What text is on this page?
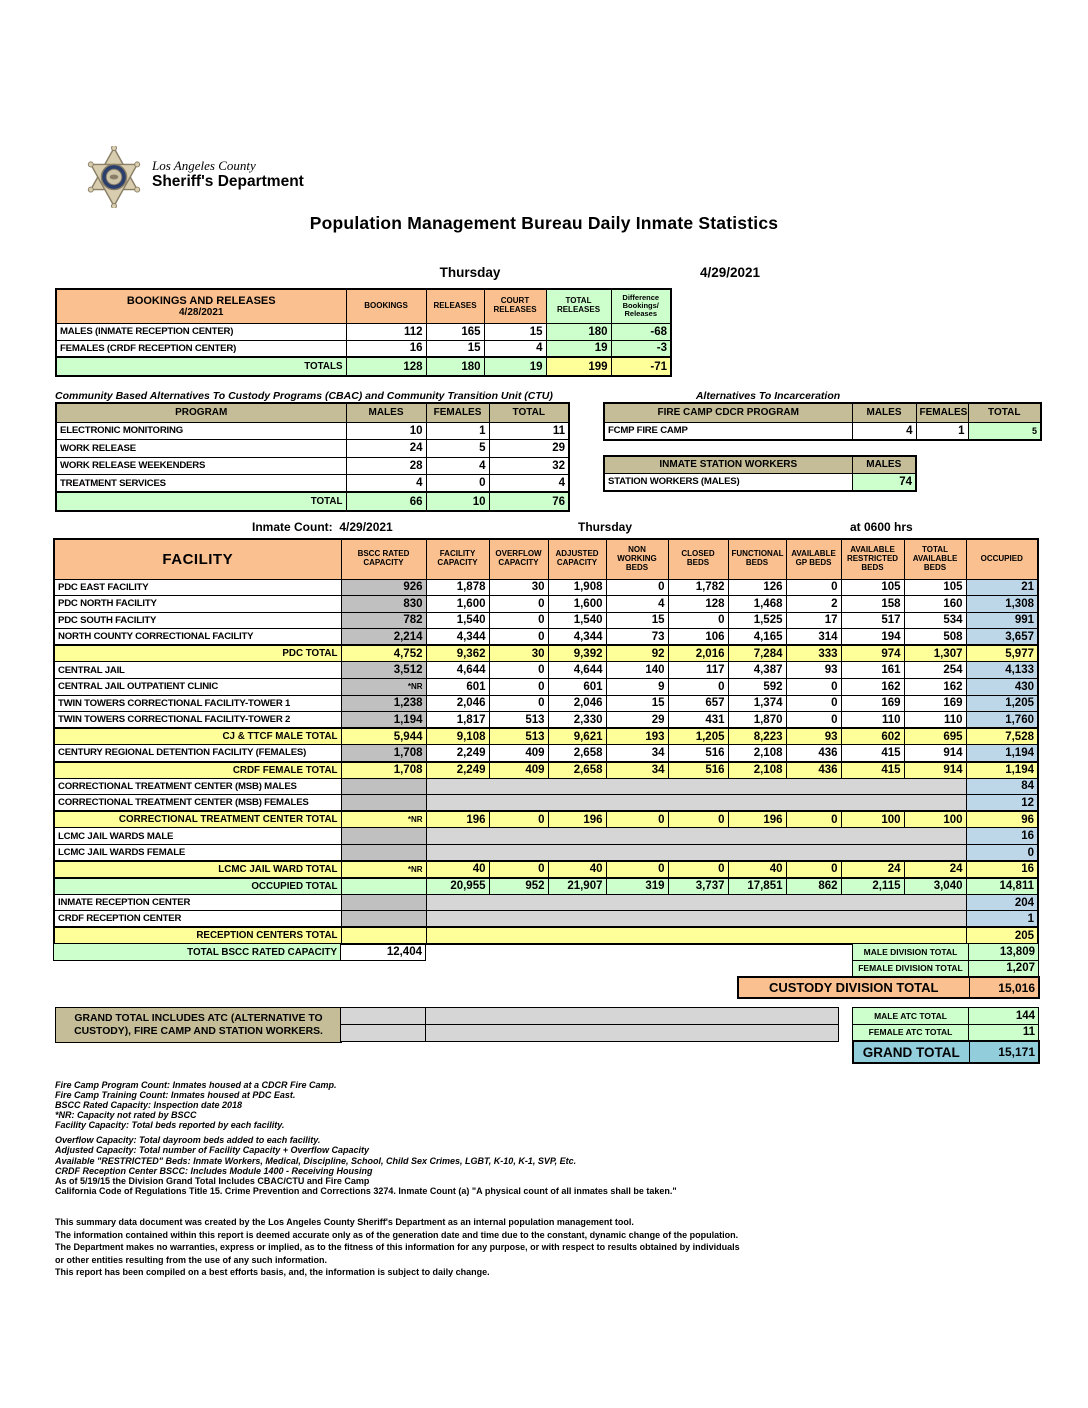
Los Angeles County
Sheriff's Department
Population Management Bureau Daily Inmate Statistics
Thursday	4/29/2021
BOOKINGS AND RELEASES
4/28/2021	BOOKINGS	RELEASES	COURT RELEASES	TOTAL RELEASES	Difference Bookings/ Releases
MALES (INMATE RECEPTION CENTER)	112	165	15	180	-68
FEMALES (CRDF RECEPTION CENTER)	16	15	4	19	-3
TOTALS	128	180	19	199	-71
Community Based Alternatives To Custody Programs (CBAC) and Community Transition Unit (CTU)
PROGRAM	MALES	FEMALES	TOTAL
ELECTRONIC MONITORING	10	1	11
WORK RELEASE	24	5	29
WORK RELEASE WEEKENDERS	28	4	32
TREATMENT SERVICES	4	0	4
TOTAL	66	10	76
Alternatives To Incarceration
FIRE CAMP CDCR PROGRAM	MALES	FEMALES	TOTAL
FCMP FIRE CAMP	4	1	5
INMATE STATION WORKERS	MALES
STATION WORKERS (MALES)	74
Inmate Count: 4/29/2021	Thursday	at 0600 hrs
FACILITY	BSCC RATED CAPACITY	FACILITY CAPACITY	OVERFLOW CAPACITY	ADJUSTED CAPACITY	NON WORKING BEDS	CLOSED BEDS	FUNCTIONAL BEDS	AVAILABLE GP BEDS	AVAILABLE RESTRICTED BEDS	TOTAL AVAILABLE BEDS	OCCUPIED
PDC EAST FACILITY	926	1,878	30	1,908	0	1,782	126	0	105	105	21
PDC NORTH FACILITY	830	1,600	0	1,600	4	128	1,468	2	158	160	1,308
PDC SOUTH FACILITY	782	1,540	0	1,540	15	0	1,525	17	517	534	991
NORTH COUNTY CORRECTIONAL FACILITY	2,214	4,344	0	4,344	73	106	4,165	314	194	508	3,657
PDC TOTAL	4,752	9,362	30	9,392	92	2,016	7,284	333	974	1,307	5,977
CENTRAL JAIL	3,512	4,644	0	4,644	140	117	4,387	93	161	254	4,133
CENTRAL JAIL OUTPATIENT CLINIC	*NR	601	0	601	9	0	592	0	162	162	430
TWIN TOWERS CORRECTIONAL FACILITY-TOWER 1	1,238	2,046	0	2,046	15	657	1,374	0	169	169	1,205
TWIN TOWERS CORRECTIONAL FACILITY-TOWER 2	1,194	1,817	513	2,330	29	431	1,870	0	110	110	1,760
CJ & TTCF MALE TOTAL	5,944	9,108	513	9,621	193	1,205	8,223	93	602	695	7,528
CENTURY REGIONAL DETENTION FACILITY (FEMALES)	1,708	2,249	409	2,658	34	516	2,108	436	415	914	1,194
CRDF FEMALE TOTAL	1,708	2,249	409	2,658	34	516	2,108	436	415	914	1,194
CORRECTIONAL TREATMENT CENTER (MSB) MALES											84
CORRECTIONAL TREATMENT CENTER (MSB) FEMALES											12
CORRECTIONAL TREATMENT CENTER TOTAL	*NR	196	0	196	0	0	196	0	100	100	96
LCMC JAIL WARDS MALE											16
LCMC JAIL WARDS FEMALE											0
LCMC JAIL WARD TOTAL	*NR	40	0	40	0	0	40	0	24	24	16
OCCUPIED TOTAL		20,955	952	21,907	319	3,737	17,851	862	2,115	3,040	14,811
INMATE RECEPTION CENTER											204
CRDF RECEPTION CENTER											1
RECEPTION CENTERS TOTAL											205
TOTAL BSCC RATED CAPACITY	12,404	MALE DIVISION TOTAL	13,809
FEMALE DIVISION TOTAL	1,207
CUSTODY DIVISION TOTAL	15,016
GRAND TOTAL INCLUDES ATC (ALTERNATIVE TO
CUSTODY), FIRE CAMP AND STATION WORKERS.

MALE ATC TOTAL	144
FEMALE ATC TOTAL	11
GRAND TOTAL	15,171
Fire Camp Program Count: Inmates housed at a CDCR Fire Camp.
Fire Camp Training Count: Inmates housed at PDC East.
BSCC Rated Capacity: Inspection date 2018
*NR: Capacity not rated by BSCC
Facility Capacity: Total beds reported by each facility.
Overflow Capacity: Total dayroom beds added to each facility.
Adjusted Capacity: Total number of Facility Capacity + Overflow Capacity
Available "RESTRICTED" Beds: Inmate Workers, Medical, Discipline, School, Child Sex Crimes, LGBT, K-10, K-1, SVP, Etc.
CRDF Reception Center BSCC: Includes Module 1400 - Receiving Housing
As of 5/19/15 the Division Grand Total Includes CBAC/CTU and Fire Camp
California Code of Regulations Title 15. Crime Prevention and Corrections 3274. Inmate Count (a) "A physical count of all inmates shall be taken."
This summary data document was created by the Los Angeles County Sheriff's Department as an internal population management tool.
The information contained within this report is deemed accurate only as of the generation date and time due to the constant, dynamic change of the population.
The Department makes no warranties, express or implied, as to the fitness of this information for any purpose, or with respect to results obtained by individuals
or other entities resulting from the use of any such information.
This report has been compiled on a best efforts basis, and, the information is subject to daily change.
